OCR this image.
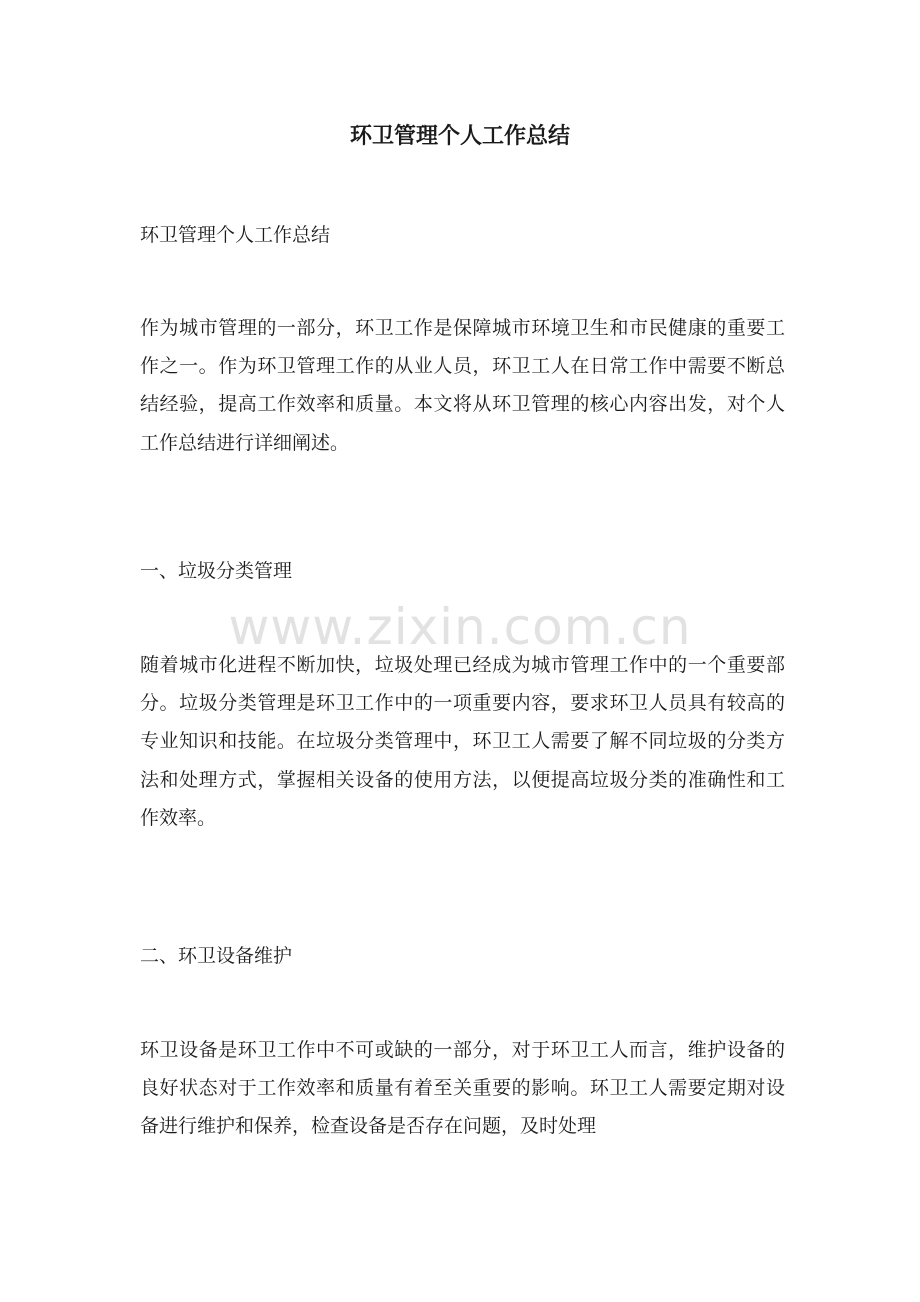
环卫管理个人工作总结

环卫管理个人工作总结

作为城市管理的一部分，环卫工作是保障城市环境卫生和市民健康的重要工作之一。作为环卫管理工作的从业人员，环卫工人在日常工作中需要不断总结经验，提高工作效率和质量。本文将从环卫管理的核心内容出发，对个人工作总结进行详细阐述。

一、垃圾分类管理

随着城市化进程不断加快，垃圾处理已经成为城市管理工作中的一个重要部分。垃圾分类管理是环卫工作中的一项重要内容，要求环卫人员具有较高的专业知识和技能。在垃圾分类管理中，环卫工人需要了解不同垃圾的分类方法和处理方式，掌握相关设备的使用方法，以便提高垃圾分类的准确性和工作效率。

二、环卫设备维护

环卫设备是环卫工作中不可或缺的一部分，对于环卫工人而言，维护设备的良好状态对于工作效率和质量有着至关重要的影响。环卫工人需要定期对设备进行维护和保养，检查设备是否存在问题，及时处理

www.zixin.com.cn
